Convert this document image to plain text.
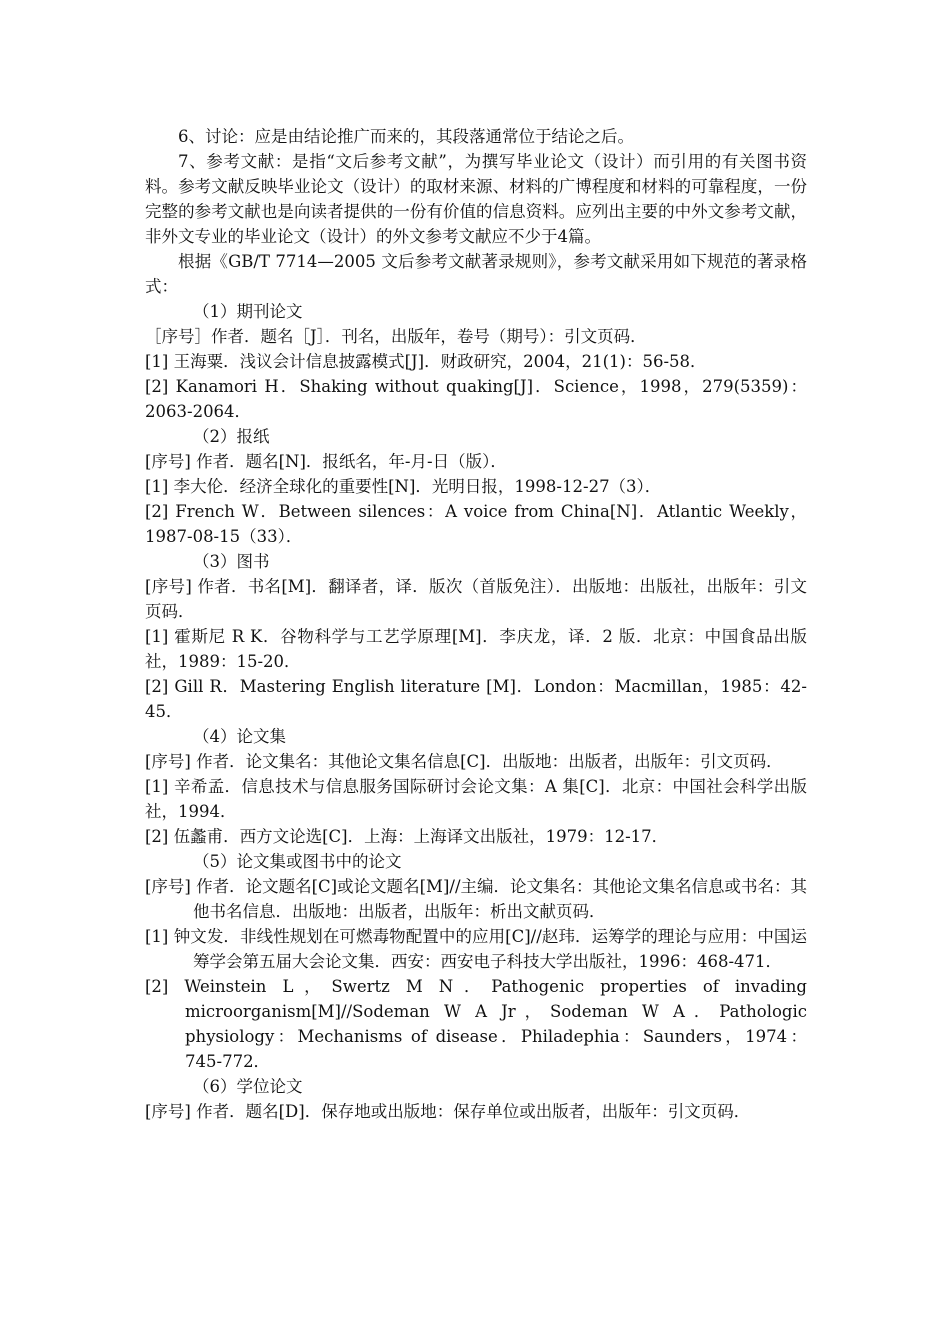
6、讨论：应是由结论推广而来的，其段落通常位于结论之后。

7、参考文献：是指“文后参考文献”，为撰写毕业论文（设计）而引用的有关图书资料。参考文献反映毕业论文（设计）的取材来源、材料的广博程度和材料的可靠程度，一份完整的参考文献也是向读者提供的一份有价值的信息资料。应列出主要的中外文参考文献，非外文专业的毕业论文（设计）的外文参考文献应不少于4篇。

根据《GB/T 7714—2005 文后参考文献著录规则》，参考文献采用如下规范的著录格式：

（1）期刊论文

［序号］作者．题名［J］．刊名，出版年，卷号（期号）：引文页码．

[1] 王海粟．浅议会计信息披露模式[J]．财政研究，2004，21(1)：56-58．

[2] Kanamori H．Shaking without quaking[J]．Science，1998，279(5359)：2063-2064．

（2）报纸

[序号] 作者．题名[N]．报纸名，年-月-日（版）．

[1] 李大伦．经济全球化的重要性[N]．光明日报，1998-12-27（3）．

[2] French W．Between silences：A voice from China[N]．Atlantic Weekly，1987-08-15（33）．

（3）图书

[序号] 作者．书名[M]．翻译者，译．版次（首版免注）．出版地：出版社，出版年：引文页码．

[1] 霍斯尼 R K．谷物科学与工艺学原理[M]．李庆龙，译．2 版．北京：中国食品出版社，1989：15-20．

[2] Gill R．Mastering English literature [M]．London：Macmillan，1985：42-45．

（4）论文集

[序号] 作者．论文集名：其他论文集名信息[C]．出版地：出版者，出版年：引文页码．

[1] 辛希孟．信息技术与信息服务国际研讨会论文集：A 集[C]．北京：中国社会科学出版社，1994．

[2] 伍蠡甫．西方文论选[C]．上海：上海译文出版社，1979：12-17．

（5）论文集或图书中的论文

[序号] 作者．论文题名[C]或论文题名[M]//主编．论文集名：其他论文集名信息或书名：其他书名信息．出版地：出版者，出版年：析出文献页码．

[1] 钟文发．非线性规划在可燃毒物配置中的应用[C]//赵玮．运筹学的理论与应用：中国运筹学会第五届大会论文集．西安：西安电子科技大学出版社，1996：468-471．

[2] Weinstein L，Swertz M N．Pathogenic properties of invading microorganism[M]//Sodeman W A Jr，Sodeman W A．Pathologic physiology：Mechanisms of disease．Philadephia：Saunders，1974：745-772．

（6）学位论文

[序号] 作者．题名[D]．保存地或出版地：保存单位或出版者，出版年：引文页码．
